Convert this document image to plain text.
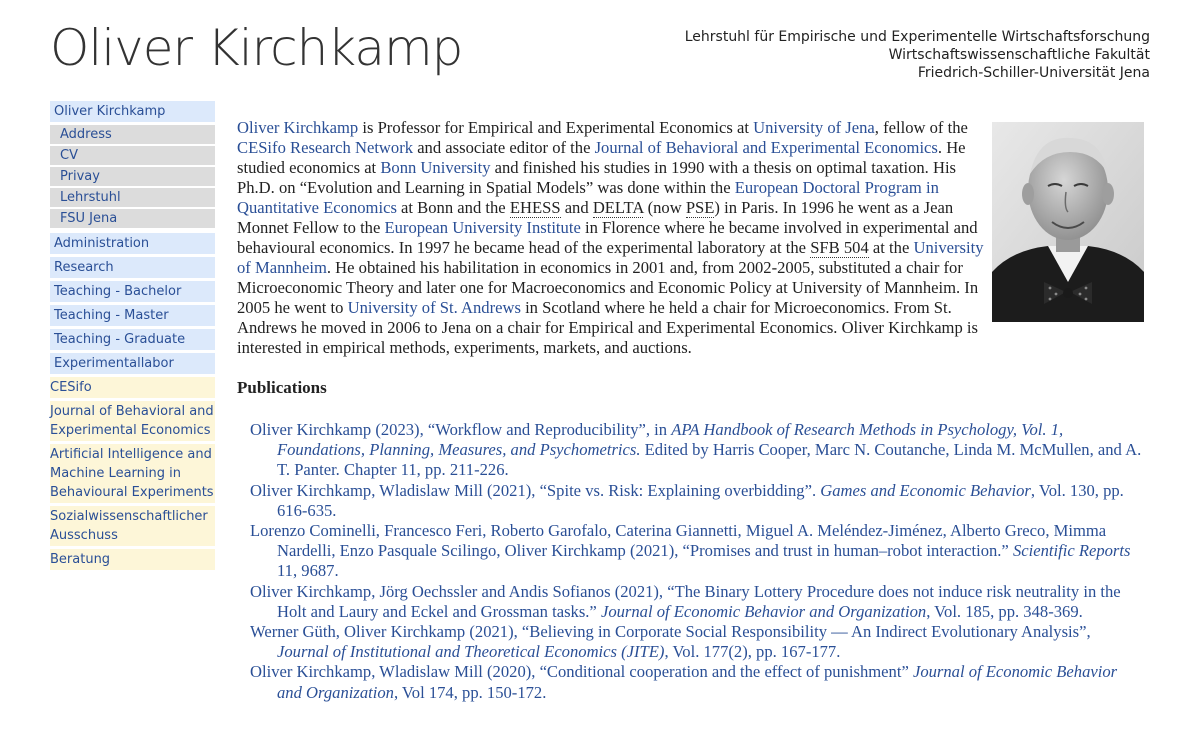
Oliver Kirchkamp	Lehrstuhl für Empirische und Experimentelle Wirtschaftsforschung
Wirtschaftswissenschaftliche Fakultät
Friedrich-Schiller-Universität Jena
Oliver Kirchkamp
Address
CV
Privay
Lehrstuhl
FSU Jena
Administration
Research
Teaching - Bachelor
Teaching - Master
Teaching - Graduate
Experimentallabor
CESifo
Journal of Behavioral and Experimental Economics
Artificial Intelligence and Machine Learning in Behavioural Experiments
Sozialwissenschaftlicher Ausschuss
Beratung

Oliver Kirchkamp is Professor for Empirical and Experimental Economics at University of Jena, fellow of the CESifo Research Network and associate editor of the Journal of Behavioral and Experimental Economics. He studied economics at Bonn University and finished his studies in 1990 with a thesis on optimal taxation. His Ph.D. on “Evolution and Learning in Spatial Models” was done within the European Doctoral Program in Quantitative Economics at Bonn and the EHESS and DELTA (now PSE) in Paris. In 1996 he went as a Jean Monnet Fellow to the European University Institute in Florence where he became involved in experimental and behavioural economics. In 1997 he became head of the experimental laboratory at the SFB 504 at the University of Mannheim. He obtained his habilitation in economics in 2001 and, from 2002-2005, substituted a chair for Microeconomic Theory and later one for Macroeconomics and Economic Policy at University of Mannheim. In 2005 he went to University of St. Andrews in Scotland where he held a chair for Microeconomics. From St. Andrews he moved in 2006 to Jena on a chair for Empirical and Experimental Economics. Oliver Kirchkamp is interested in empirical methods, experiments, markets, and auctions.

Publications
Oliver Kirchkamp (2023), “Workflow and Reproducibility”, in APA Handbook of Research Methods in Psychology, Vol. 1, Foundations, Planning, Measures, and Psychometrics. Edited by Harris Cooper, Marc N. Coutanche, Linda M. McMullen, and A. T. Panter. Chapter 11, pp. 211-226.
Oliver Kirchkamp, Wladislaw Mill (2021), “Spite vs. Risk: Explaining overbidding”. Games and Economic Behavior, Vol. 130, pp. 616-635.
Lorenzo Cominelli, Francesco Feri, Roberto Garofalo, Caterina Giannetti, Miguel A. Meléndez-Jiménez, Alberto Greco, Mimma Nardelli, Enzo Pasquale Scilingo, Oliver Kirchkamp (2021), “Promises and trust in human–robot interaction.” Scientific Reports 11, 9687.
Oliver Kirchkamp, Jörg Oechssler and Andis Sofianos (2021), “The Binary Lottery Procedure does not induce risk neutrality in the Holt and Laury and Eckel and Grossman tasks.” Journal of Economic Behavior and Organization, Vol. 185, pp. 348-369.
Werner Güth, Oliver Kirchkamp (2021), “Believing in Corporate Social Responsibility — An Indirect Evolutionary Analysis”, Journal of Institutional and Theoretical Economics (JITE), Vol. 177(2), pp. 167-177.
Oliver Kirchkamp, Wladislaw Mill (2020), “Conditional cooperation and the effect of punishment” Journal of Economic Behavior and Organization, Vol 174, pp. 150-172.
